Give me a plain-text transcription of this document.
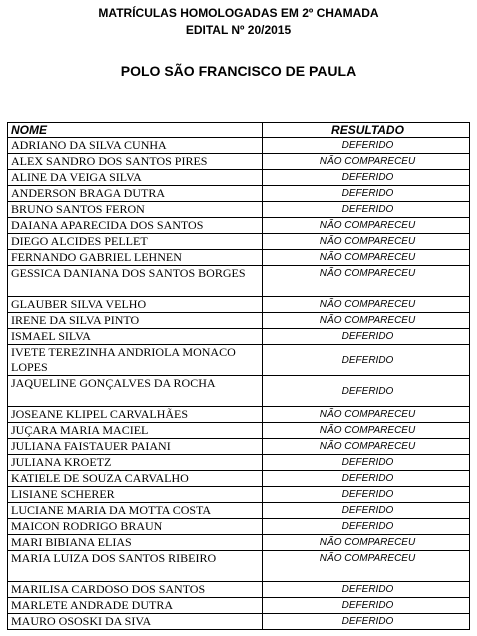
MATRÍCULAS HOMOLOGADAS EM 2º CHAMADA
EDITAL Nº 20/2015
POLO SÃO FRANCISCO DE PAULA
NOME	RESULTADO
ADRIANO DA SILVA CUNHA	DEFERIDO
ALEX SANDRO DOS SANTOS PIRES	NÃO COMPARECEU
ALINE DA VEIGA SILVA	DEFERIDO
ANDERSON BRAGA DUTRA	DEFERIDO
BRUNO SANTOS FERON	DEFERIDO
DAIANA APARECIDA DOS SANTOS	NÃO COMPARECEU
DIEGO ALCIDES PELLET	NÃO COMPARECEU
FERNANDO GABRIEL LEHNEN	NÃO COMPARECEU
GESSICA DANIANA DOS SANTOS BORGES	NÃO COMPARECEU
GLAUBER SILVA VELHO	NÃO COMPARECEU
IRENE DA SILVA PINTO	NÃO COMPARECEU
ISMAEL SILVA	DEFERIDO
IVETE TEREZINHA ANDRIOLA MONACO LOPES	DEFERIDO
JAQUELINE GONÇALVES DA ROCHA	DEFERIDO
JOSEANE KLIPEL CARVALHÃES	NÃO COMPARECEU
JUÇARA MARIA MACIEL	NÃO COMPARECEU
JULIANA FAISTAUER PAIANI	NÃO COMPARECEU
JULIANA KROETZ	DEFERIDO
KATIELE DE SOUZA CARVALHO	DEFERIDO
LISIANE SCHERER	DEFERIDO
LUCIANE MARIA DA MOTTA COSTA	DEFERIDO
MAICON RODRIGO BRAUN	DEFERIDO
MARI BIBIANA ELIAS	NÃO COMPARECEU
MARIA LUIZA DOS SANTOS RIBEIRO	NÃO COMPARECEU
MARILISA CARDOSO DOS SANTOS	DEFERIDO
MARLETE ANDRADE DUTRA	DEFERIDO
MAURO OSOSKI DA SIVA	DEFERIDO
